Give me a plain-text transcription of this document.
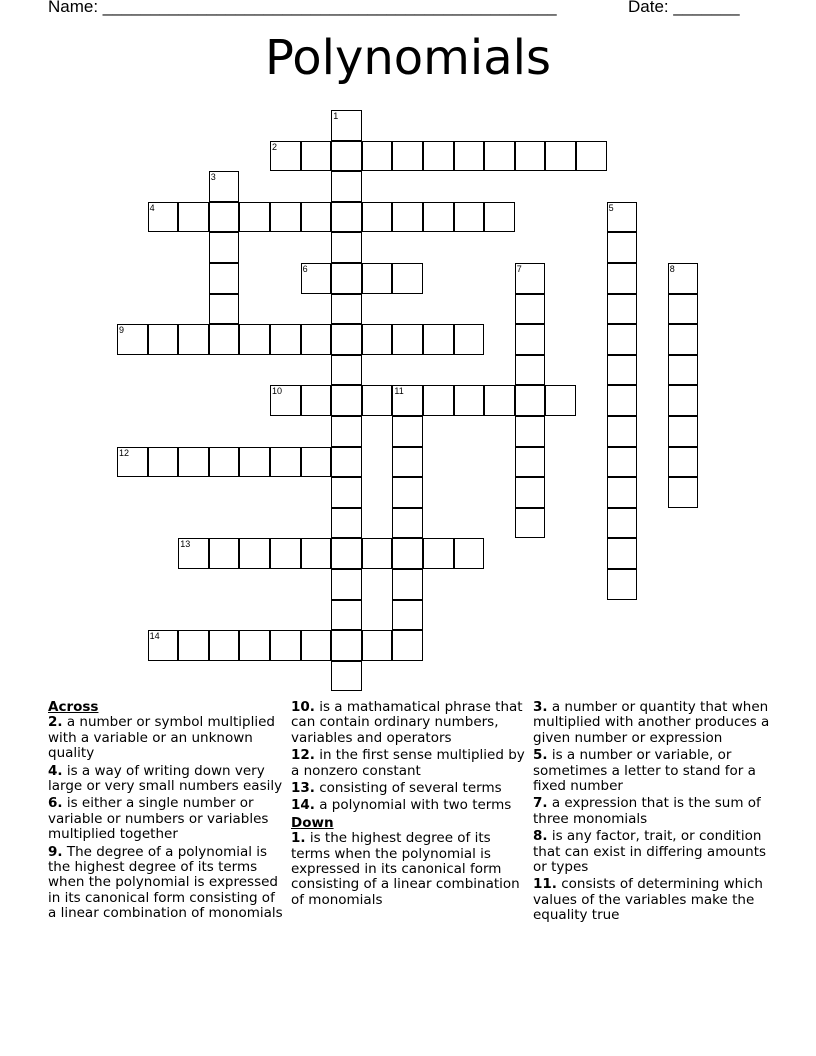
Name: ________________________________________________	Date: _______
Polynomials
1
2
3
4	5
6	7	8
9
10	11
12
13
14

Across

2. a number or symbol multiplied with a variable or an unknown quality

4. is a way of writing down very large or very small numbers easily

6. is either a single number or variable or numbers or variables multiplied together

9. The degree of a polynomial is the highest degree of its terms when the polynomial is expressed in its canonical form consisting of a linear combination of monomials

10. is a mathamatical phrase that can contain ordinary numbers, variables and operators

12. in the first sense multiplied by a nonzero constant

13. consisting of several terms

14. a polynomial with two terms

Down

1. is the highest degree of its terms when the polynomial is expressed in its canonical form consisting of a linear combination of monomials

3. a number or quantity that when multiplied with another produces a given number or expression

5. is a number or variable, or sometimes a letter to stand for a fixed number

7. a expression that is the sum of three monomials

8. is any factor, trait, or condition that can exist in differing amounts or types

11. consists of determining which values of the variables make the equality true
